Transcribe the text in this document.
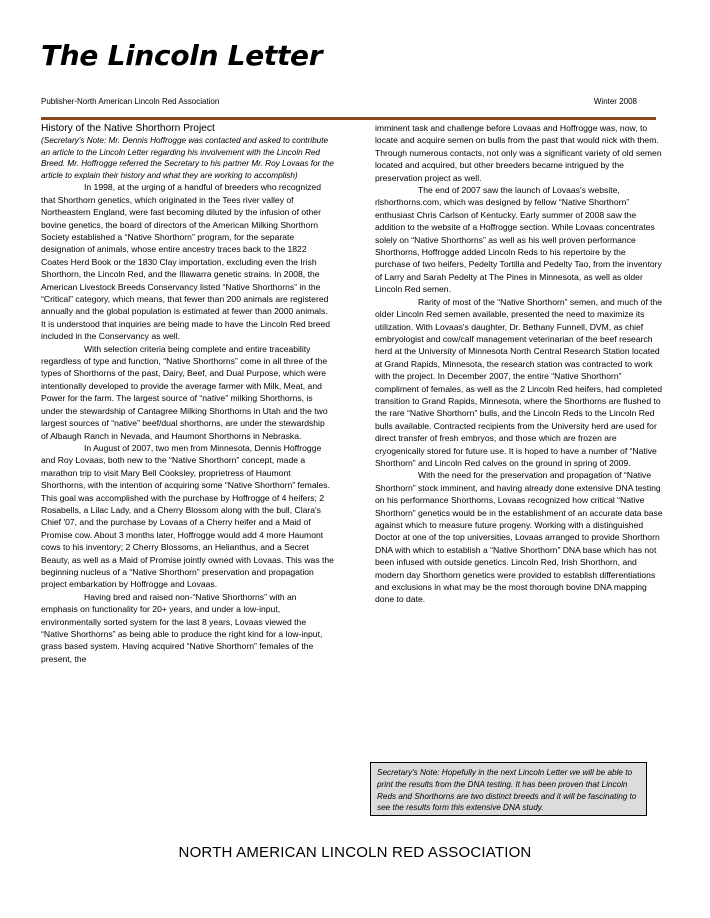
The Lincoln Letter
Publisher-North American Lincoln Red Association	Winter 2008

History of the Native Shorthorn Project

(Secretary's Note: Mr. Dennis Hoffrogge was contacted and asked to contribute an article to the Lincoln Letter regarding his involvement with the Lincoln Red Breed. Mr. Hoffrogge referred the Secretary to his partner Mr. Roy Lovaas for the article to explain their history and what they are working to accomplish)

In 1998, at the urging of a handful of breeders who recognized that Shorthorn genetics, which originated in the Tees river valley of Northeastern England, were fast becoming diluted by the infusion of other bovine genetics, the board of directors of the American Milking Shorthorn Society established a “Native Shorthorn” program, for the separate designation of animals, whose entire ancestry traces back to the 1822 Coates Herd Book or the 1830 Clay importation, excluding even the Irish Shorthorn, the Lincoln Red, and the Illawarra genetic strains. In 2008, the American Livestock Breeds Conservancy listed “Native Shorthorns” in the “Critical” category, which means, that fewer than 200 animals are registered annually and the global population is estimated at fewer than 2000 animals. It is understood that inquiries are being made to have the Lincoln Red breed included in the Conservancy as well.

With selection criteria being complete and entire traceability regardless of type and function, “Native Shorthorns” come in all three of the types of Shorthorns of the past, Dairy, Beef, and Dual Purpose, which were intentionally developed to provide the average farmer with Milk, Meat, and Power for the farm. The largest source of “native” milking Shorthorns, is under the stewardship of Cantagree Milking Shorthorns in Utah and the two largest sources of “native” beef/dual shorthorns, are under the stewardship of Albaugh Ranch in Nevada, and Haumont Shorthorns in Nebraska.

In August of 2007, two men from Minnesota, Dennis Hoffrogge and Roy Lovaas, both new to the “Native Shorthorn” concept, made a marathon trip to visit Mary Bell Cooksley, proprietress of Haumont Shorthorns, with the intention of acquiring some “Native Shorthorn” females. This goal was accomplished with the purchase by Hoffrogge of 4 heifers; 2 Rosabells, a Lilac Lady, and a Cherry Blossom along with the bull, Clara's Chief '07, and the purchase by Lovaas of a Cherry heifer and a Maid of Promise cow. About 3 months later, Hoffrogge would add 4 more Haumont cows to his inventory; 2 Cherry Blossoms, an Helianthus, and a Secret Beauty, as well as a Maid of Promise jointly owned with Lovaas. This was the beginning nucleus of a “Native Shorthorn” preservation and propagation project embarkation by Hoffrogge and Lovaas.

Having bred and raised non-“Native Shorthorns” with an emphasis on functionality for 20+ years, and under a low-input, environmentally sorted system for the last 8 years, Lovaas viewed the “Native Shorthorns” as being able to produce the right kind for a low-input, grass based system. Having acquired “Native Shorthorn” females of the present, the

imminent task and challenge before Lovaas and Hoffrogge was, now, to locate and acquire semen on bulls from the past that would nick with them. Through numerous contacts, not only was a significant variety of old semen located and acquired, but other breeders became intrigued by the preservation project as well.

The end of 2007 saw the launch of Lovaas's website, rlshorthorns.com, which was designed by fellow “Native Shorthorn” enthusiast Chris Carlson of Kentucky. Early summer of 2008 saw the addition to the website of a Hoffrogge section. While Lovaas concentrates solely on “Native Shorthorns” as well as his well proven performance Shorthorns, Hoffrogge added Lincoln Reds to his repertoire by the purchase of two heifers, Pedelty Tortilla and Pedelty Tao, from the inventory of Larry and Sarah Pedelty at The Pines in Minnesota, as well as older Lincoln Red semen.

Rarity of most of the “Native Shorthorn” semen, and much of the older Lincoln Red semen available, presented the need to maximize its utilization. With Lovaas's daughter, Dr. Bethany Funnell, DVM, as chief embryologist and cow/calf management veterinarian of the beef research herd at the University of Minnesota North Central Research Station located at Grand Rapids, Minnesota, the research station was contracted to work with the project. In December 2007, the entire “Native Shorthorn” compliment of females, as well as the 2 Lincoln Red heifers, had completed transition to Grand Rapids, Minnesota, where the Shorthorns are flushed to the rare “Native Shorthorn” bulls, and the Lincoln Reds to the Lincoln Red bulls available. Contracted recipients from the University herd are used for direct transfer of fresh embryos, and those which are frozen are cryogenically stored for future use. It is hoped to have a number of “Native Shorthorn” and Lincoln Red calves on the ground in spring of 2009.

With the need for the preservation and propagation of “Native Shorthorn” stock imminent, and having already done extensive DNA testing on his performance Shorthorns, Lovaas recognized how critical “Native Shorthorn” genetics would be in the establishment of an accurate data base against which to measure future progeny. Working with a distinguished Doctor at one of the top universities, Lovaas arranged to provide Shorthorn DNA with which to establish a “Native Shorthorn” DNA base which has not been infused with outside genetics. Lincoln Red, Irish Shorthorn, and modern day Shorthorn genetics were provided to establish differentiations and exclusions in what may be the most thorough bovine DNA mapping done to date.

Secretary's Note: Hopefully in the next Lincoln Letter we will be able to print the results from the DNA testing. It has been proven that Lincoln Reds and Shorthorns are two distinct breeds and it will be fascinating to see the results form this extensive DNA study.
NORTH AMERICAN LINCOLN RED ASSOCIATION
